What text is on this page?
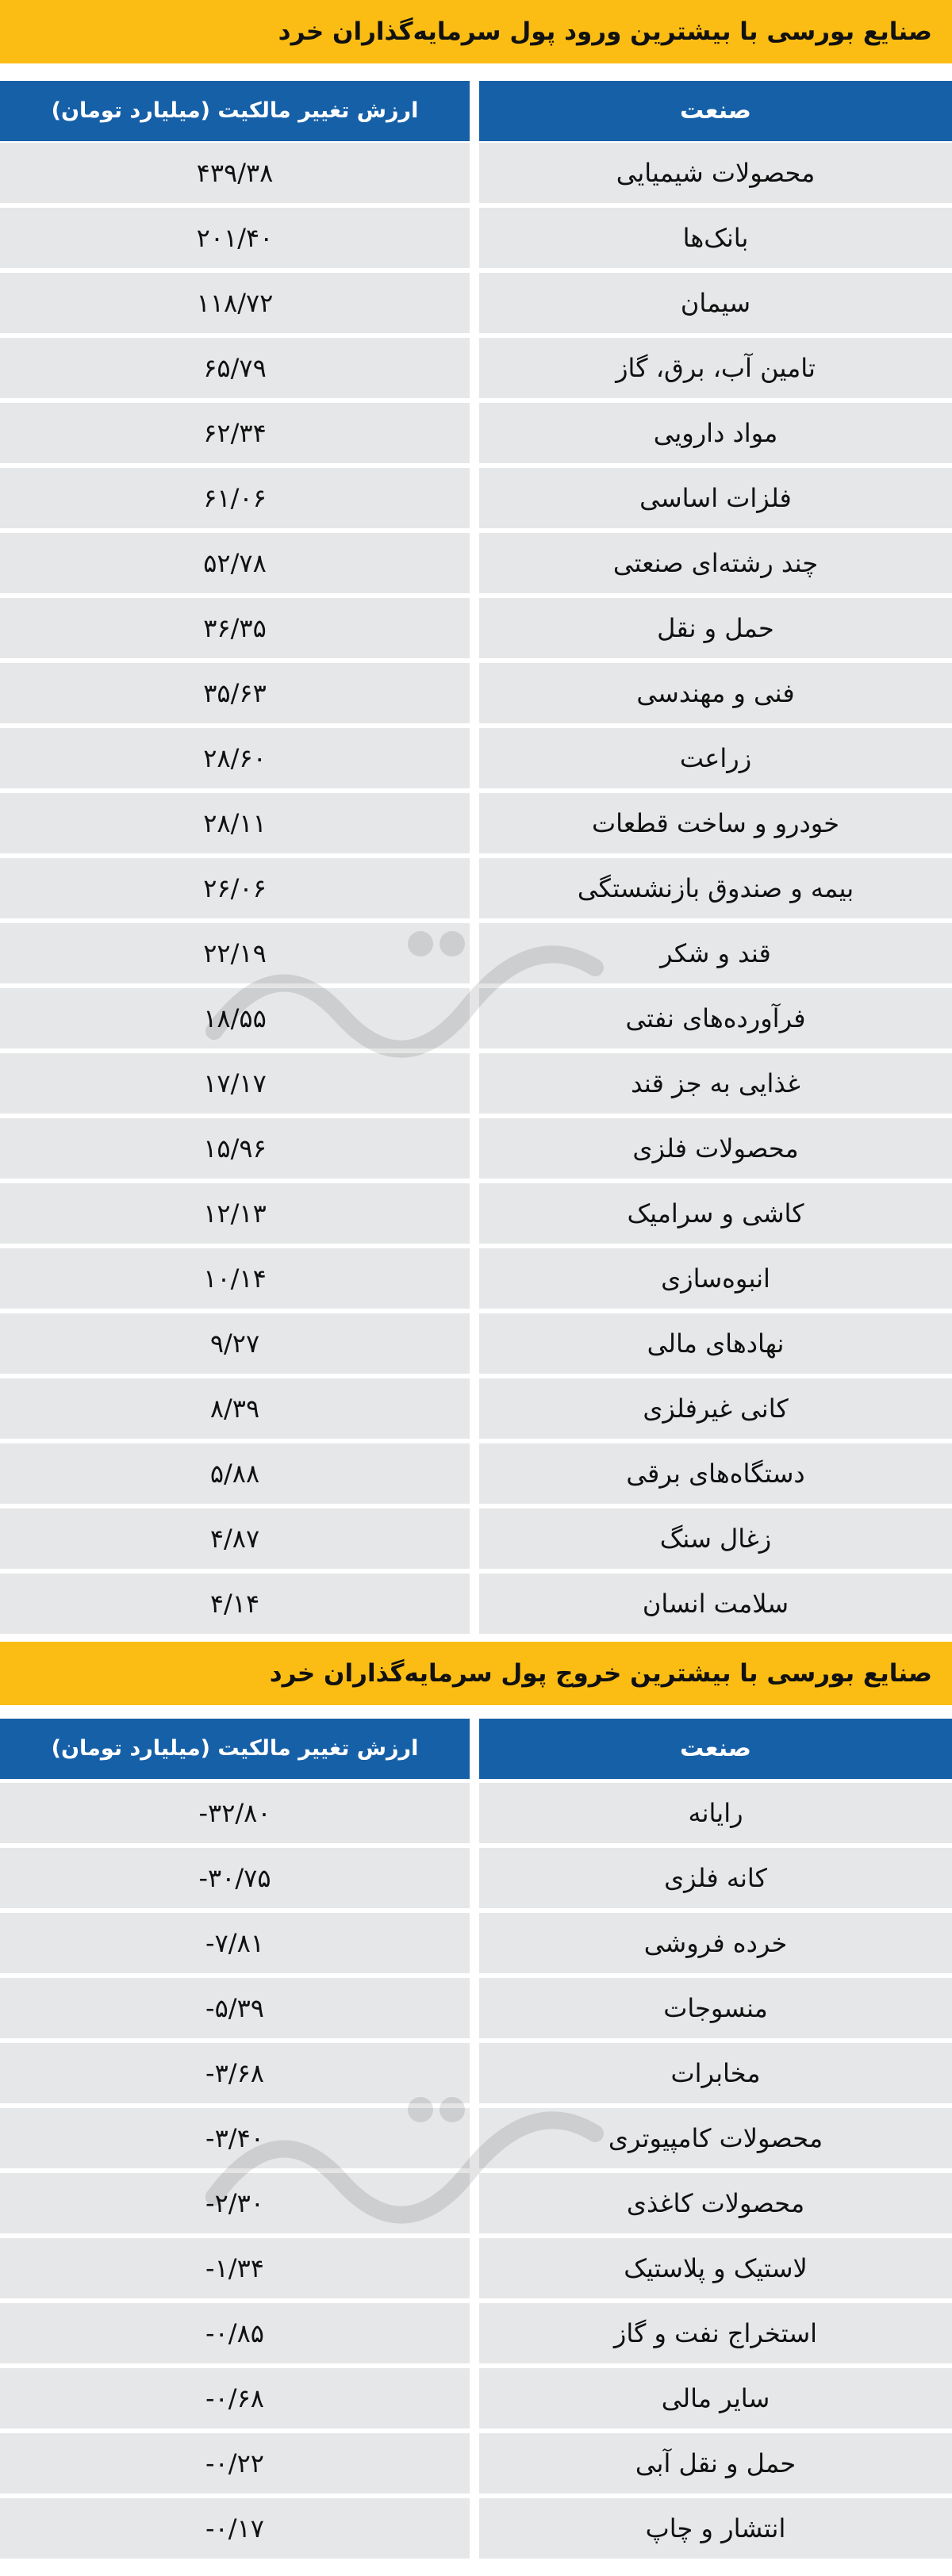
صنایع بورسی با بیشترین ورود پول سرمایه‌گذاران خرد
صنعت
ارزش تغییر مالکیت (میلیارد تومان)
محصولات شیمیایی
۴۳۹/۳۸
بانک‌ها
۲۰۱/۴۰
سیمان
۱۱۸/۷۲
تامین آب، برق، گاز
۶۵/۷۹
مواد دارویی
۶۲/۳۴
فلزات اساسی
۶۱/۰۶
چند رشته‌ای صنعتی
۵۲/۷۸
حمل و نقل
۳۶/۳۵
فنی و مهندسی
۳۵/۶۳
زراعت
۲۸/۶۰
خودرو و ساخت قطعات
۲۸/۱۱
بیمه و صندوق بازنشستگی
۲۶/۰۶
قند و شکر
۲۲/۱۹
فرآورده‌های نفتی
۱۸/۵۵
غذایی به جز قند
۱۷/۱۷
محصولات فلزی
۱۵/۹۶
کاشی و سرامیک
۱۲/۱۳
انبوه‌سازی
۱۰/۱۴
نهادهای مالی
۹/۲۷
کانی غیرفلزی
۸/۳۹
دستگاه‌های برقی
۵/۸۸
زغال سنگ
۴/۸۷
سلامت انسان
۴/۱۴
صنایع بورسی با بیشترین خروج پول سرمایه‌گذاران خرد
صنعت
ارزش تغییر مالکیت (میلیارد تومان)
رایانه
-۳۲/۸۰
کانه فلزی
-۳۰/۷۵
خرده فروشی
-۷/۸۱
منسوجات
-۵/۳۹
مخابرات
-۳/۶۸
محصولات کامپیوتری
-۳/۴۰
محصولات کاغذی
-۲/۳۰
لاستیک و پلاستیک
-۱/۳۴
استخراج نفت و گاز
-۰/۸۵
سایر مالی
-۰/۶۸
حمل و نقل آبی
-۰/۲۲
انتشار و چاپ
-۰/۱۷
